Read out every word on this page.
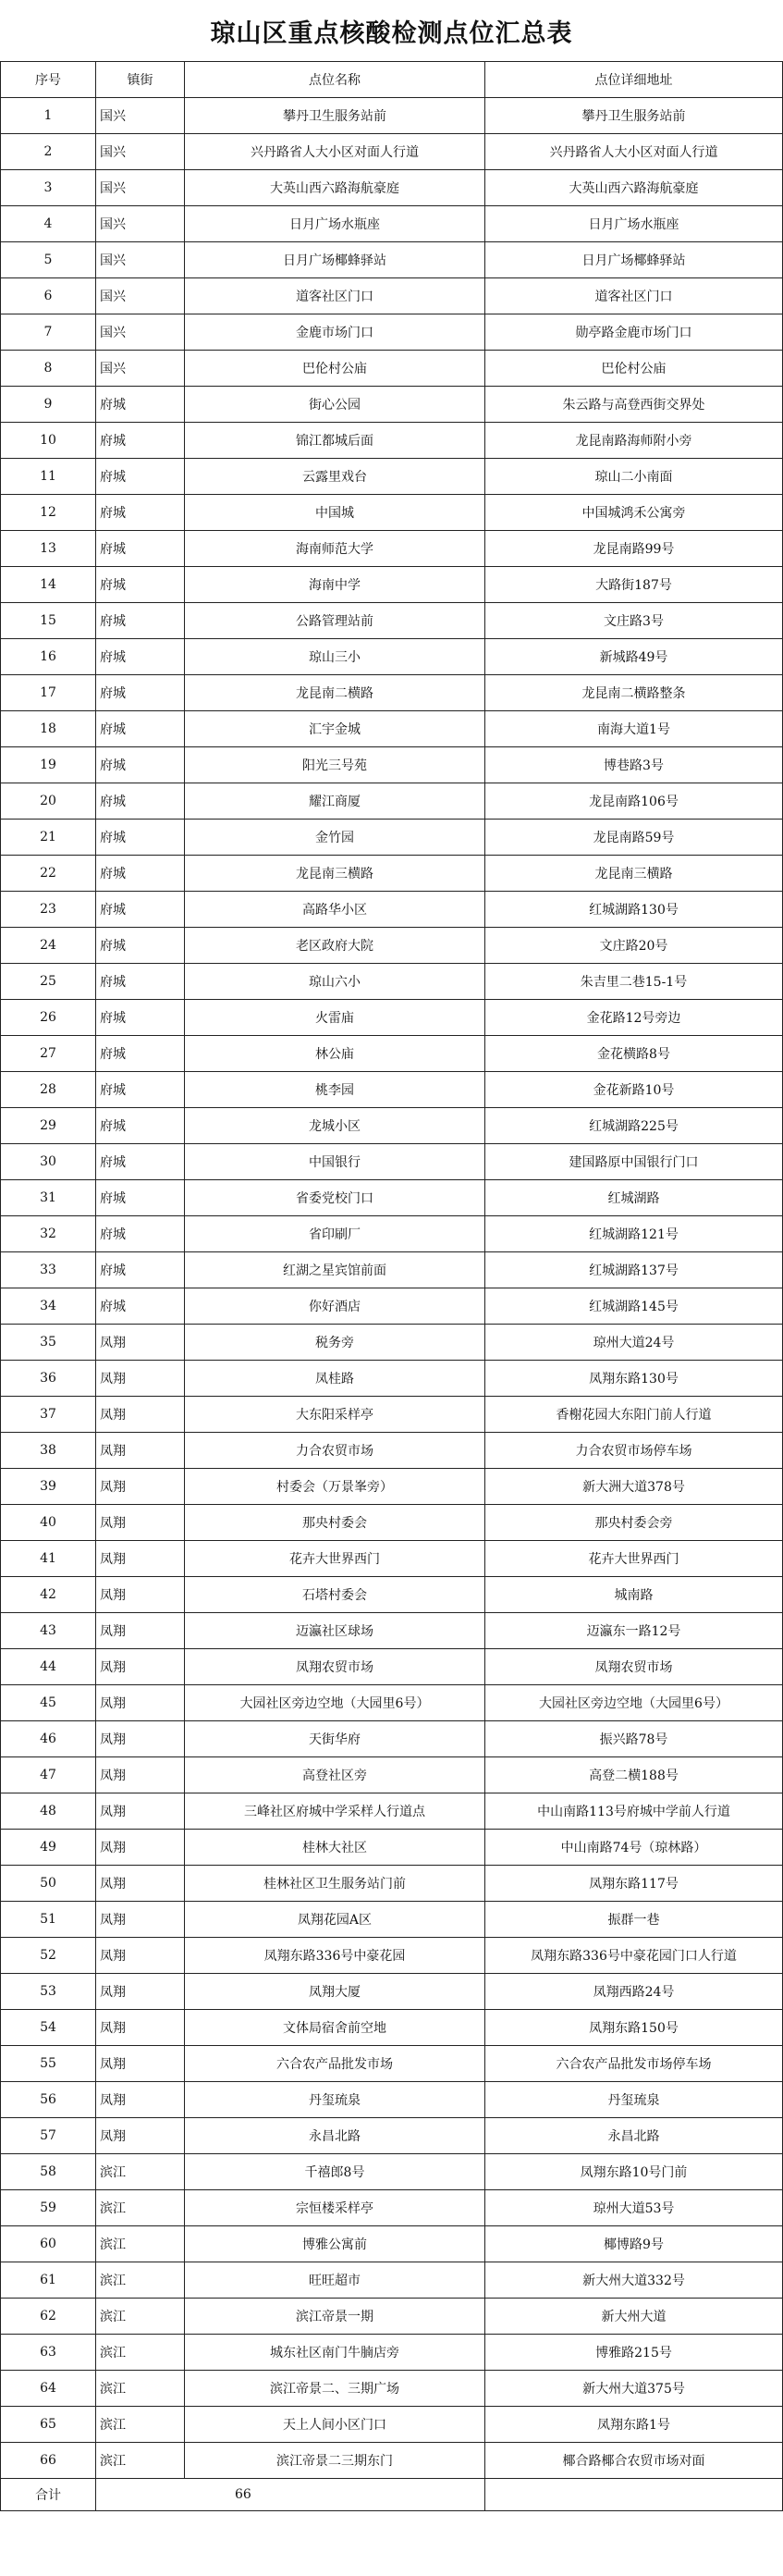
琼山区重点核酸检测点位汇总表
序号	镇街	点位名称	点位详细地址
1	国兴	攀丹卫生服务站前	攀丹卫生服务站前
2	国兴	兴丹路省人大小区对面人行道	兴丹路省人大小区对面人行道
3	国兴	大英山西六路海航豪庭	大英山西六路海航豪庭
4	国兴	日月广场水瓶座	日月广场水瓶座
5	国兴	日月广场椰蜂驿站	日月广场椰蜂驿站
6	国兴	道客社区门口	道客社区门口
7	国兴	金鹿市场门口	勋亭路金鹿市场门口
8	国兴	巴伦村公庙	巴伦村公庙
9	府城	街心公园	朱云路与高登西街交界处
10	府城	锦江都城后面	龙昆南路海师附小旁
11	府城	云露里戏台	琼山二小南面
12	府城	中国城	中国城鸿禾公寓旁
13	府城	海南师范大学	龙昆南路99号
14	府城	海南中学	大路街187号
15	府城	公路管理站前	文庄路3号
16	府城	琼山三小	新城路49号
17	府城	龙昆南二横路	龙昆南二横路整条
18	府城	汇宇金城	南海大道1号
19	府城	阳光三号苑	博巷路3号
20	府城	耀江商厦	龙昆南路106号
21	府城	金竹园	龙昆南路59号
22	府城	龙昆南三横路	龙昆南三横路
23	府城	高路华小区	红城湖路130号
24	府城	老区政府大院	文庄路20号
25	府城	琼山六小	朱吉里二巷15-1号
26	府城	火雷庙	金花路12号旁边
27	府城	林公庙	金花横路8号
28	府城	桃李园	金花新路10号
29	府城	龙城小区	红城湖路225号
30	府城	中国银行	建国路原中国银行门口
31	府城	省委党校门口	红城湖路
32	府城	省印刷厂	红城湖路121号
33	府城	红湖之星宾馆前面	红城湖路137号
34	府城	你好酒店	红城湖路145号
35	凤翔	税务旁	琼州大道24号
36	凤翔	凤桂路	凤翔东路130号
37	凤翔	大东阳采样亭	香榭花园大东阳门前人行道
38	凤翔	力合农贸市场	力合农贸市场停车场
39	凤翔	村委会（万景峯旁）	新大洲大道378号
40	凤翔	那央村委会	那央村委会旁
41	凤翔	花卉大世界西门	花卉大世界西门
42	凤翔	石塔村委会	城南路
43	凤翔	迈瀛社区球场	迈瀛东一路12号
44	凤翔	凤翔农贸市场	凤翔农贸市场
45	凤翔	大园社区旁边空地（大园里6号）	大园社区旁边空地（大园里6号）
46	凤翔	天街华府	振兴路78号
47	凤翔	高登社区旁	高登二横188号
48	凤翔	三峰社区府城中学采样人行道点	中山南路113号府城中学前人行道
49	凤翔	桂林大社区	中山南路74号（琼林路）
50	凤翔	桂林社区卫生服务站门前	凤翔东路117号
51	凤翔	凤翔花园A区	振群一巷
52	凤翔	凤翔东路336号中豪花园	凤翔东路336号中豪花园门口人行道
53	凤翔	凤翔大厦	凤翔西路24号
54	凤翔	文体局宿舍前空地	凤翔东路150号
55	凤翔	六合农产品批发市场	六合农产品批发市场停车场
56	凤翔	丹玺琉泉	丹玺琉泉
57	凤翔	永昌北路	永昌北路
58	滨江	千禧郎8号	凤翔东路10号门前
59	滨江	宗恒楼采样亭	琼州大道53号
60	滨江	博雅公寓前	椰博路9号
61	滨江	旺旺超市	新大州大道332号
62	滨江	滨江帝景一期	新大州大道
63	滨江	城东社区南门牛腩店旁	博雅路215号
64	滨江	滨江帝景二、三期广场	新大州大道375号
65	滨江	天上人间小区门口	凤翔东路1号
66	滨江	滨江帝景二三期东门	椰合路椰合农贸市场对面
合计	66		
